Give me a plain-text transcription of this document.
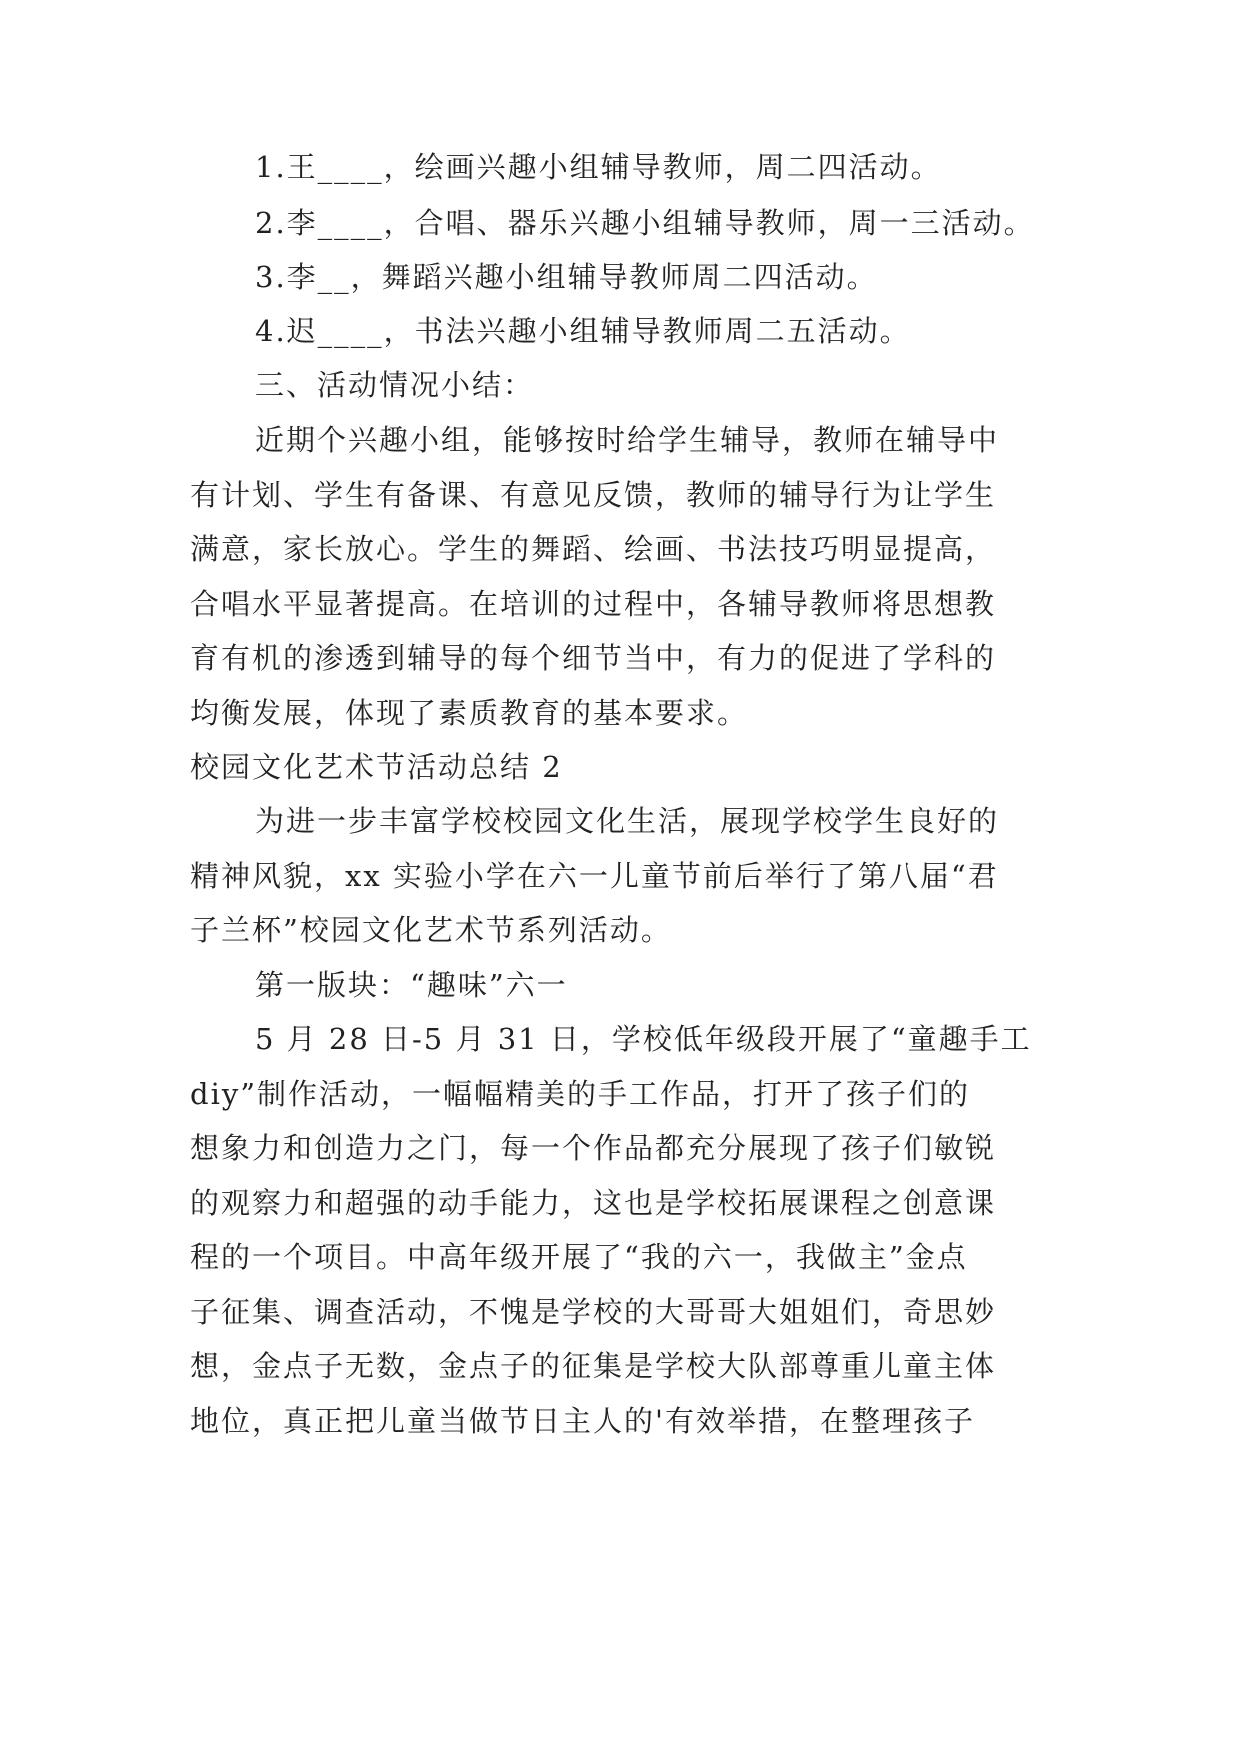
1.王____，绘画兴趣小组辅导教师，周二四活动。
2.李____，合唱、器乐兴趣小组辅导教师，周一三活动。
3.李__，舞蹈兴趣小组辅导教师周二四活动。
4.迟____，书法兴趣小组辅导教师周二五活动。
三、活动情况小结：
近期个兴趣小组，能够按时给学生辅导，教师在辅导中
有计划、学生有备课、有意见反馈，教师的辅导行为让学生
满意，家长放心。学生的舞蹈、绘画、书法技巧明显提高，
合唱水平显著提高。在培训的过程中，各辅导教师将思想教
育有机的渗透到辅导的每个细节当中，有力的促进了学科的
均衡发展，体现了素质教育的基本要求。
校园文化艺术节活动总结 2
为进一步丰富学校校园文化生活，展现学校学生良好的
精神风貌，xx 实验小学在六一儿童节前后举行了第八届“君
子兰杯”校园文化艺术节系列活动。
第一版块：“趣味”六一
5 月 28 日-5 月 31 日，学校低年级段开展了“童趣手工
diy”制作活动，一幅幅精美的手工作品，打开了孩子们的
想象力和创造力之门，每一个作品都充分展现了孩子们敏锐
的观察力和超强的动手能力，这也是学校拓展课程之创意课
程的一个项目。中高年级开展了“我的六一，我做主”金点
子征集、调查活动，不愧是学校的大哥哥大姐姐们，奇思妙
想，金点子无数，金点子的征集是学校大队部尊重儿童主体
地位，真正把儿童当做节日主人的'有效举措，在整理孩子
